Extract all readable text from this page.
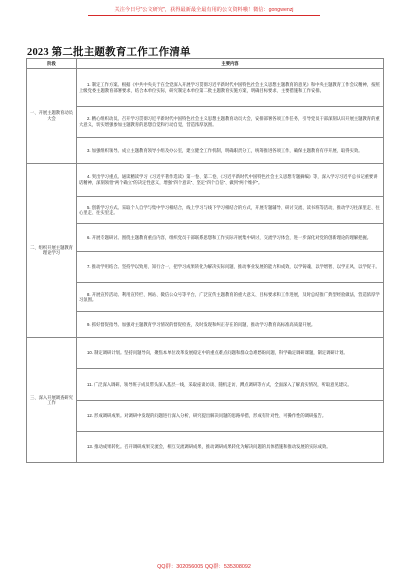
关注今日号"公文研究"，获得最新最全最有用的公文资料哦！微信：gongwenzj
2023 第二批主题教育工作工作清单
阶段	主要内容
一、开展主题教育动员大会	1. 制定工作方案。根据《中共中央关于在全党深入开展学习贯彻习近平新时代中国特色社会主义思想主题教育的意见》和中央主题教育工作会议精神，按照上级党委主题教育部署要求，结合本单位实际，研究制定本单位第二批主题教育实施方案，明确目标要求、主要措施和工作安排。

	2. 精心组织动员。召开学习贯彻习近平新时代中国特色社会主义思想主题教育动员大会，安排部署各项工作任务，引导党员干部深刻认识开展主题教育的重大意义，切实增强参加主题教育的思想自觉和行动自觉，营造浓厚氛围。

	3. 加强组织领导。成立主题教育领导小组及办公室，建立健全工作机制，明确职责分工，统筹推进各项工作，确保主题教育有序开展、取得实效。

二、组织开展主题教育理论学习	4. 突出学习重点。通读精读学习《习近平著作选读》第一卷、第二卷，《习近平新时代中国特色社会主义思想专题摘编》等，深入学习习近平总书记重要讲话精神，深刻领悟“两个确立”的决定性意义，增强“四个意识”、坚定“四个自信”、做到“两个维护”。

	5. 创新学习方式。采取个人自学与集中学习相结合，线上学习与线下学习相结合的方式，开展专题辅导、研讨交流、读书班等活动，推动学习往深里走、往心里走、往实里走。

	6. 开展专题研讨。围绕主题教育重点内容，组织党员干部联系思想和工作实际开展集中研讨，交流学习体会，进一步深化对党的创新理论的理解把握。

	7. 推动学用结合。坚持学以致用、知行合一，把学习成果转化为解决实际问题、推动事业发展的能力和成效，以学铸魂、以学增智、以学正风、以学促干。

	8. 开展宣传活动。利用宣传栏、网站、微信公众号等平台，广泛宣传主题教育的重大意义、目标要求和工作进展，及时总结推广典型经验做法，营造浓厚学习氛围。

	9. 抓好督促指导。加强对主题教育学习情况的督促检查，及时发现和纠正存在的问题，推动学习教育高标准高质量开展。

三、深入开展调查研究工作	10. 制定调研计划。坚持问题导向，聚焦本单位改革发展稳定中的重点难点问题和群众急难愁盼问题，科学确定调研课题，制定调研计划。

	11. 广泛深入调研。领导班子成员带头深入基层一线，采取座谈访谈、随机走访、蹲点调研等方式，全面深入了解真实情况，听取意见建议。

	12. 形成调研成果。对调研中发现的问题进行深入分析，研究提出解决问题的思路举措，形成有针对性、可操作性的调研报告。

	13. 推动成果转化。召开调研成果交流会，相互交流调研成果，推动调研成果转化为解决问题的具体措施和推动发展的实际成效。

QQ群：302056005 QQ群：535308092
